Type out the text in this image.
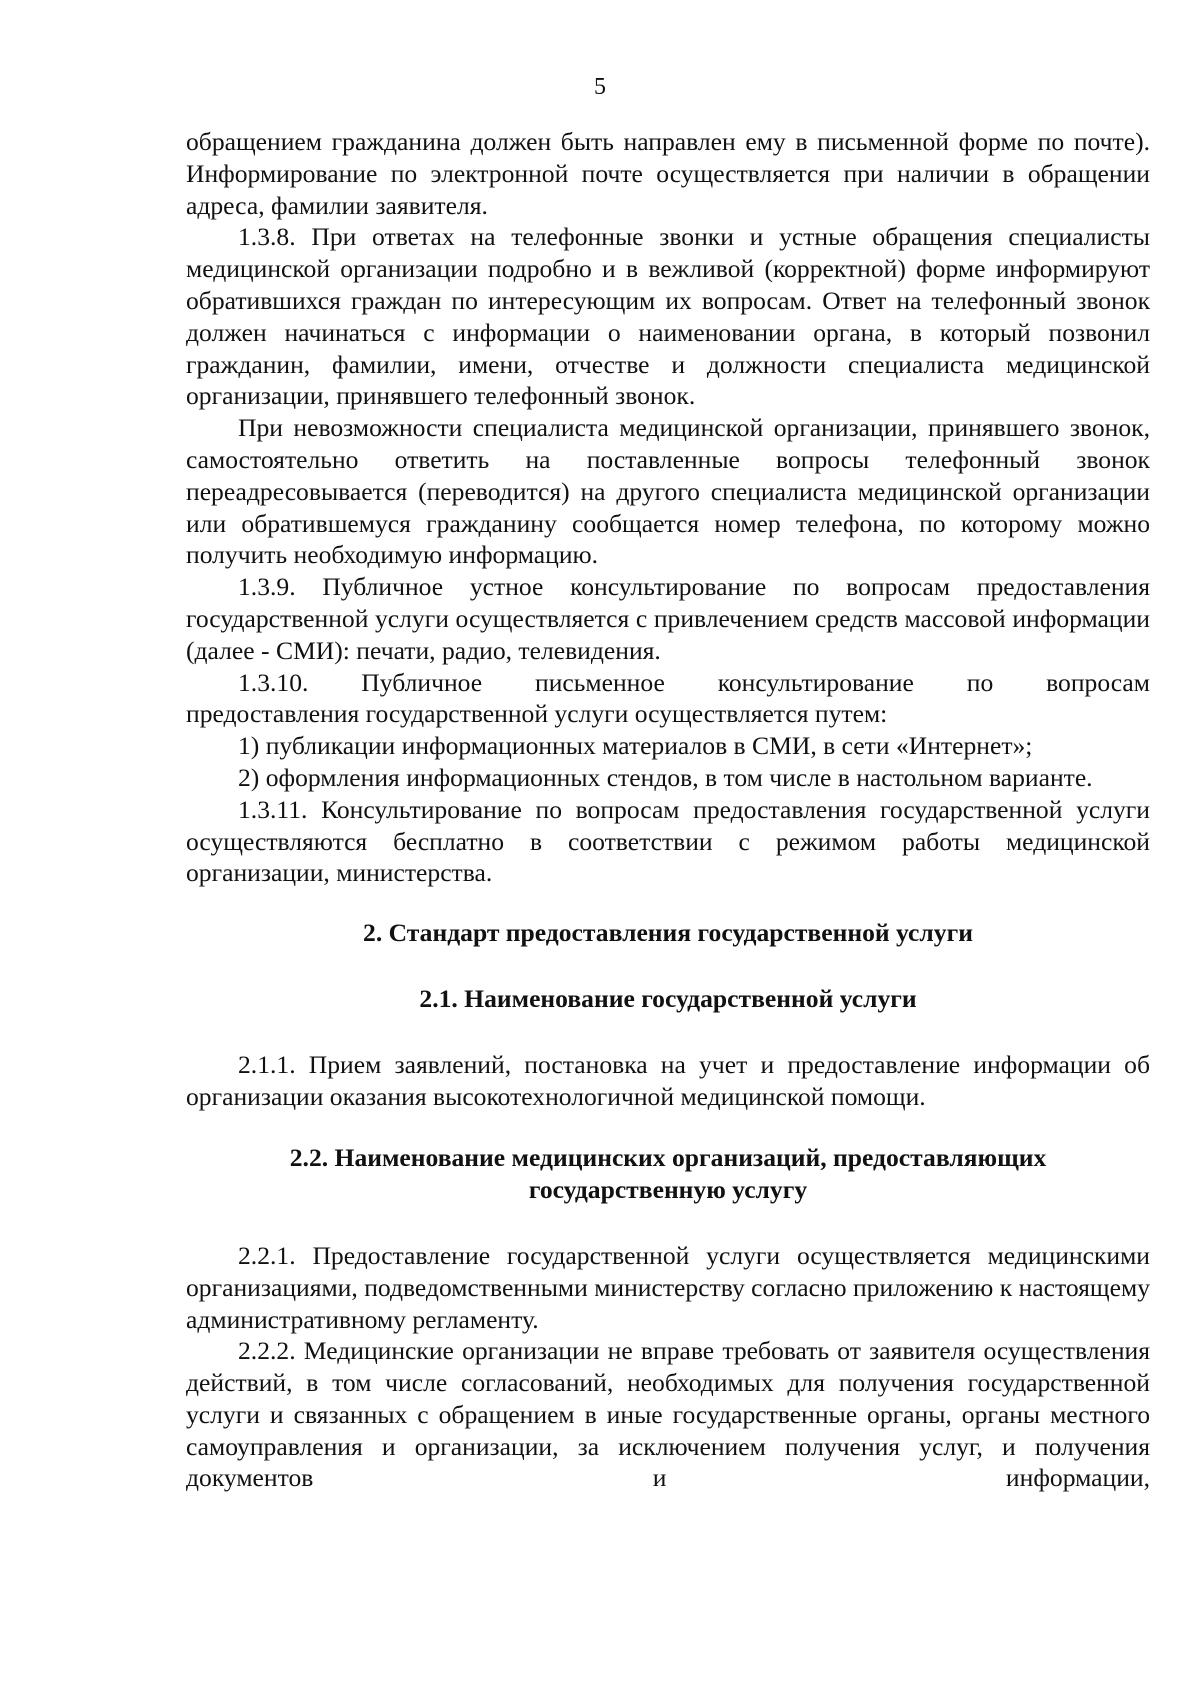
5

обращением гражданина должен быть направлен ему в письменной форме по почте). Информирование по электронной почте осуществляется при наличии в обращении адреса, фамилии заявителя.

1.3.8. При ответах на телефонные звонки и устные обращения специалисты медицинской организации подробно и в вежливой (корректной) форме информируют обратившихся граждан по интересующим их вопросам. Ответ на телефонный звонок должен начинаться с информации о наименовании органа, в который позвонил гражданин, фамилии, имени, отчестве и должности специалиста медицинской организации, принявшего телефонный звонок.

При невозможности специалиста медицинской организации, принявшего звонок, самостоятельно ответить на поставленные вопросы телефонный звонок переадресовывается (переводится) на другого специалиста медицинской организации или обратившемуся гражданину сообщается номер телефона, по которому можно получить необходимую информацию.

1.3.9. Публичное устное консультирование по вопросам предоставления государственной услуги осуществляется с привлечением средств массовой информации (далее - СМИ): печати, радио, телевидения.

1.3.10. Публичное письменное консультирование по вопросам

предоставления государственной услуги осуществляется путем:

1) публикации информационных материалов в СМИ, в сети «Интернет»;

2) оформления информационных стендов, в том числе в настольном варианте.

1.3.11. Консультирование по вопросам предоставления государственной услуги осуществляются бесплатно в соответствии с режимом работы медицинской организации, министерства.

2. Стандарт предоставления государственной услуги

2.1. Наименование государственной услуги

2.1.1. Прием заявлений, постановка на учет и предоставление информации об организации оказания высокотехнологичной медицинской помощи.

2.2. Наименование медицинских организаций, предоставляющих

государственную услугу

2.2.1. Предоставление государственной услуги осуществляется медицинскими организациями, подведомственными министерству согласно приложению к настоящему административному регламенту.

2.2.2. Медицинские организации не вправе требовать от заявителя осуществления действий, в том числе согласований, необходимых для получения государственной услуги и связанных с обращением в иные государственные органы, органы местного самоуправления и организации, за исключением получения услуг, и получения документов и информации,
